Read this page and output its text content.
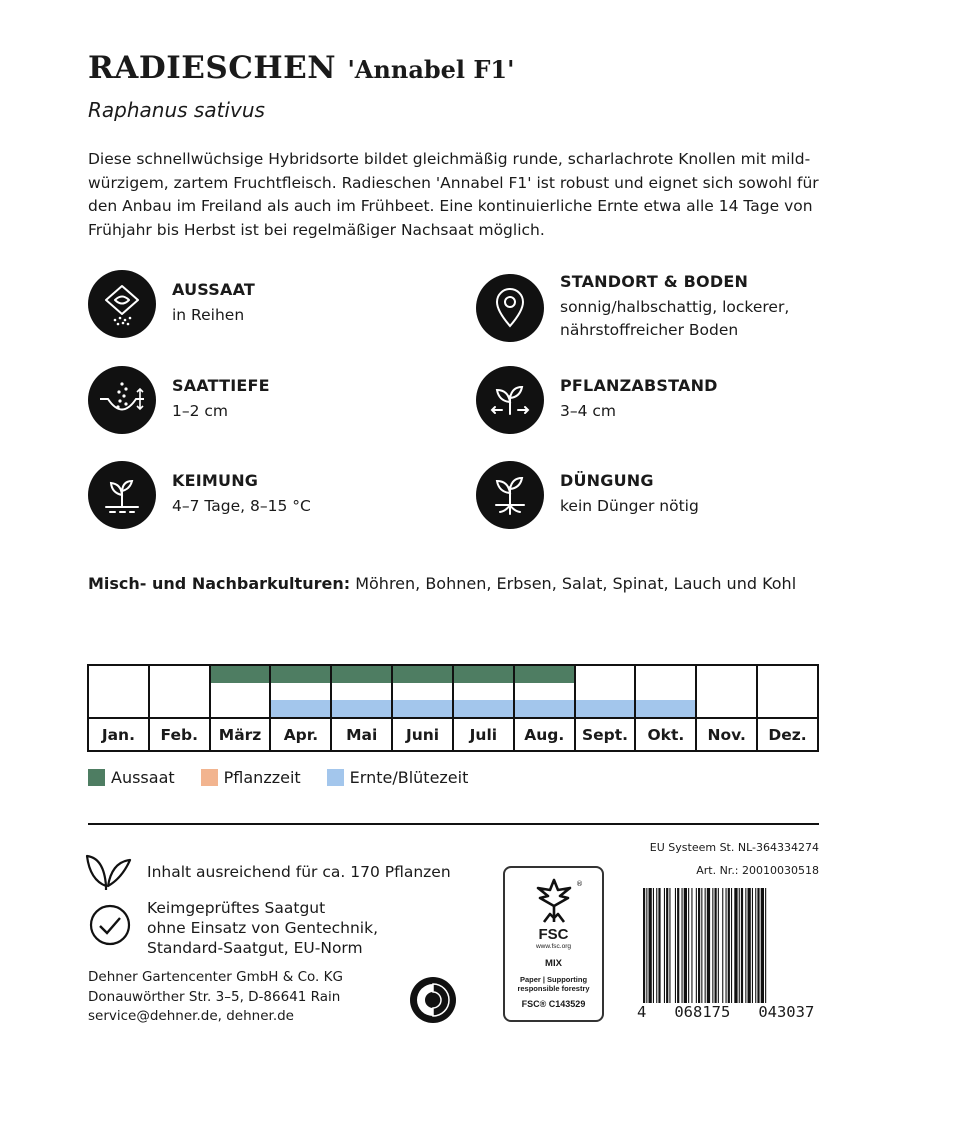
RADIESCHEN 'Annabel F1'
Raphanus sativus
Diese schnellwüchsige Hybridsorte bildet gleichmäßig runde, scharlachrote Knollen mit mild-würzigem, zartem Fruchtfleisch. Radieschen 'Annabel F1' ist robust und eignet sich sowohl für den Anbau im Freiland als auch im Frühbeet. Eine kontinuierliche Ernte etwa alle 14 Tage von Frühjahr bis Herbst ist bei regelmäßiger Nachsaat möglich.
AUSSAAT
in Reihen
SAATTIEFE
1–2 cm
KEIMUNG
4–7 Tage, 8–15 °C
STANDORT & BODEN
sonnig/halbschattig, lockerer, nährstoffreicher Boden
PFLANZABSTAND
3–4 cm
DÜNGUNG
kein Dünger nötig
Misch- und Nachbarkulturen: Möhren, Bohnen, Erbsen, Salat, Spinat, Lauch und Kohl

Jan.	Feb.	März	Apr.	Mai	Juni	Juli	Aug.	Sept.	Okt.	Nov.	Dez.
Aussaat	Pflanzzeit	Ernte/Blütezeit
Inhalt ausreichend für ca. 170 Pflanzen
Keimgeprüftes Saatgut
ohne Einsatz von Gentechnik,
Standard-Saatgut, EU-Norm
Dehner Gartencenter GmbH & Co. KG
Donauwörther Str. 3–5, D-86641 Rain
service@dehner.de, dehner.de
®
FSC
www.fsc.org
MIX
Paper | Supporting
responsible forestry
FSC® C143529
EU Systeem St. NL-364334274
Art. Nr.: 20010030518
4   068175   043037
